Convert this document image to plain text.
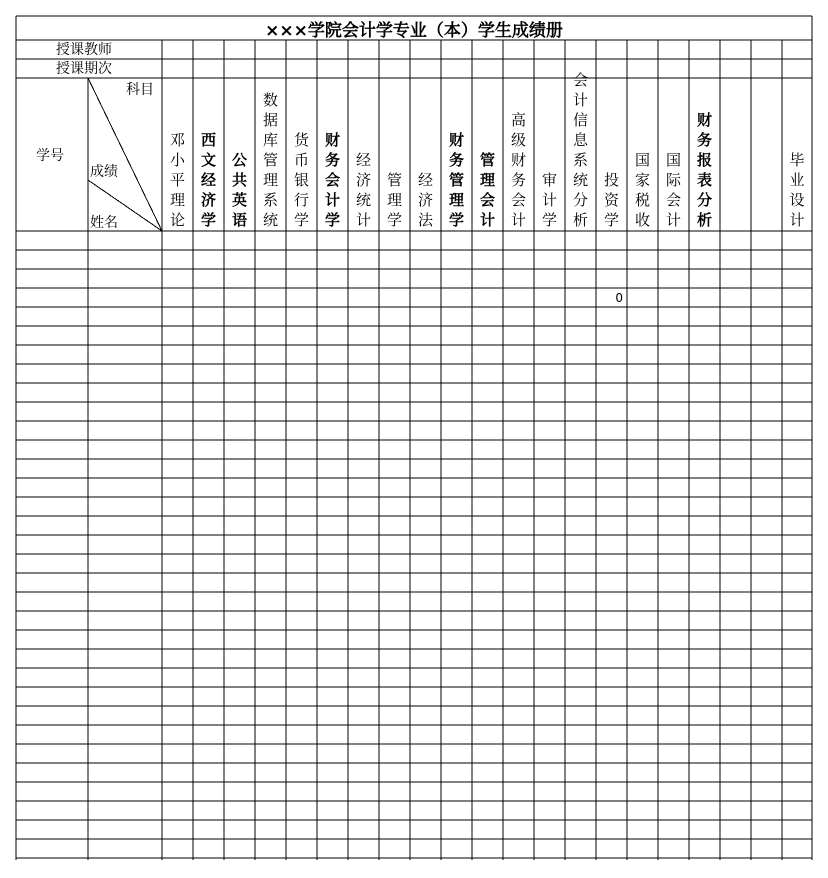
×××学院会计学专业（本）学生成绩册
授课教师
授课期次
学号
科目
成绩
姓名
邓小平理论
西文经济学
公共英语
数据库管理系统
货币银行学
财务会计学
经济统计
管理学
经济法
财务管理学
管理会计
高级财务会计
审计学
会计信息系统分析
投资学
国家税收
国际会计
财务报表分析
毕业设计
0
